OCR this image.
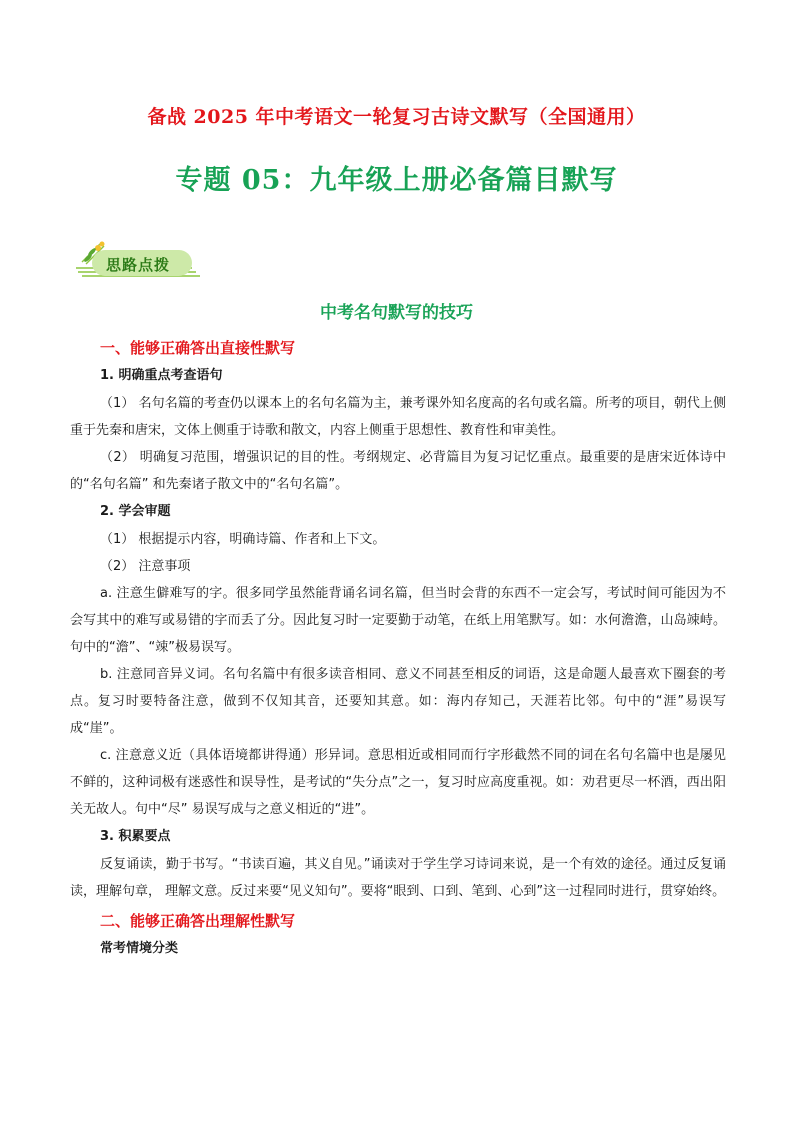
备战 2025 年中考语文一轮复习古诗文默写（全国通用）
专题 05：九年级上册必备篇目默写
思路点拨
中考名句默写的技巧
一、能够正确答出直接性默写
1. 明确重点考查语句

（1） 名句名篇的考查仍以课本上的名句名篇为主，兼考课外知名度高的名句或名篇。所考的项目，朝代上侧重于先秦和唐宋，文体上侧重于诗歌和散文，内容上侧重于思想性、教育性和审美性。

（2） 明确复习范围，增强识记的目的性。考纲规定、必背篇目为复习记忆重点。最重要的是唐宋近体诗中的“名句名篇” 和先秦诸子散文中的“名句名篇”。

2. 学会审题

（1） 根据提示内容，明确诗篇、作者和上下文。

（2） 注意事项

a. 注意生僻难写的字。很多同学虽然能背诵名词名篇，但当时会背的东西不一定会写，考试时间可能因为不会写其中的难写或易错的字而丢了分。因此复习时一定要勤于动笔，在纸上用笔默写。如：水何澹澹，山岛竦峙。句中的“澹”、“竦”极易误写。

b. 注意同音异义词。名句名篇中有很多读音相同、意义不同甚至相反的词语，这是命题人最喜欢下圈套的考点。复习时要特备注意，做到不仅知其音，还要知其意。如：海内存知己，天涯若比邻。句中的“涯”易误写成“崖”。

c. 注意意义近（具体语境都讲得通）形异词。意思相近或相同而行字形截然不同的词在名句名篇中也是屡见不鲜的，这种词极有迷惑性和误导性，是考试的“失分点”之一，复习时应高度重视。如：劝君更尽一杯酒，西出阳关无故人。句中“尽” 易误写成与之意义相近的“进”。

3. 积累要点

反复诵读，勤于书写。“书读百遍，其义自见。”诵读对于学生学习诗词来说，是一个有效的途径。通过反复诵读，理解句章， 理解文意。反过来要“见义知句”。要将“眼到、口到、笔到、心到”这一过程同时进行，贯穿始终。

二、能够正确答出理解性默写
常考情境分类
